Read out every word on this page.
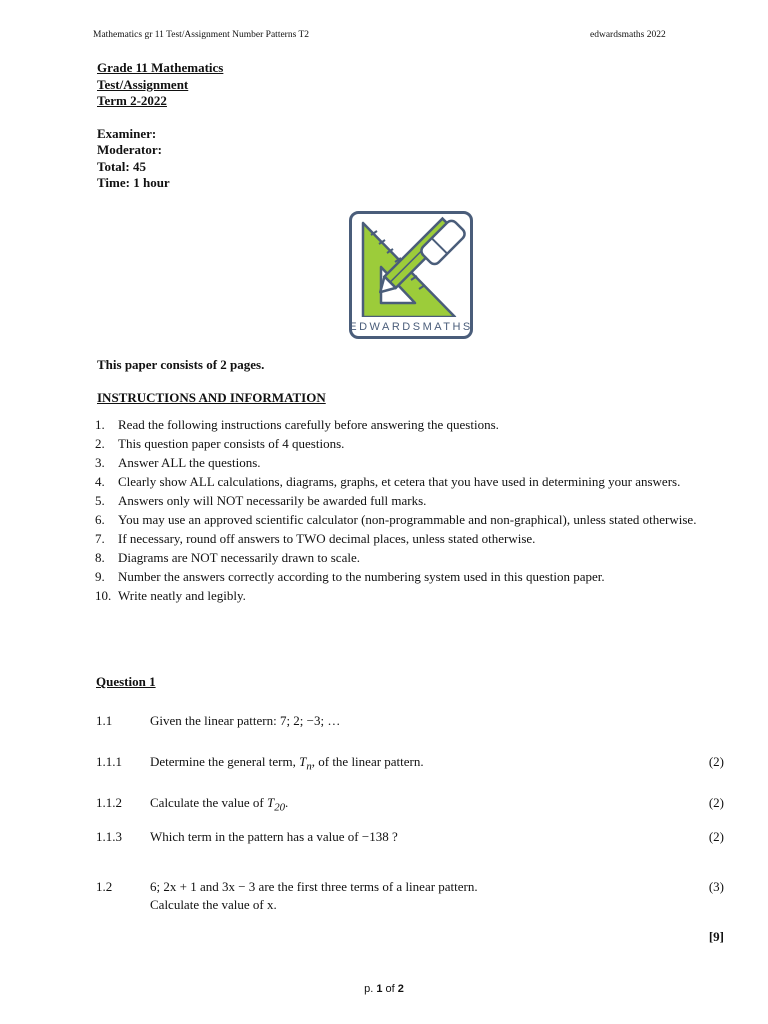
Mathematics gr 11 Test/Assignment Number Patterns T2	edwardsmaths 2022
Grade 11 Mathematics
Test/Assignment
Term 2-2022
Examiner:
Moderator:
Total: 45
Time: 1 hour
EDWARDSMATHS
This paper consists of 2 pages.
INSTRUCTIONS AND INFORMATION
1.	Read the following instructions carefully before answering the questions.
2.	This question paper consists of 4 questions.
3.	Answer ALL the questions.
4.	Clearly show ALL calculations, diagrams, graphs, et cetera that you have used in determining your answers.
5.	Answers only will NOT necessarily be awarded full marks.
6.	You may use an approved scientific calculator (non-programmable and non-graphical), unless stated otherwise.
7.	If necessary, round off answers to TWO decimal places, unless stated otherwise.
8.	Diagrams are NOT necessarily drawn to scale.
9.	Number the answers correctly according to the numbering system used in this question paper.
10. Write neatly and legibly.
Question 1
1.1	Given the linear pattern: 7; 2; −3; …
1.1.1	Determine the general term, $T_n$, of the linear pattern.	(2)
1.1.2	Calculate the value of $T_{20}$.	(2)
1.1.3	Which term in the pattern has a value of −138 ?	(2)
1.2	6; 2x + 1 and 3x − 3 are the first three terms of a linear pattern.
Calculate the value of x.
(3)
[9]
p. 1 of 2
